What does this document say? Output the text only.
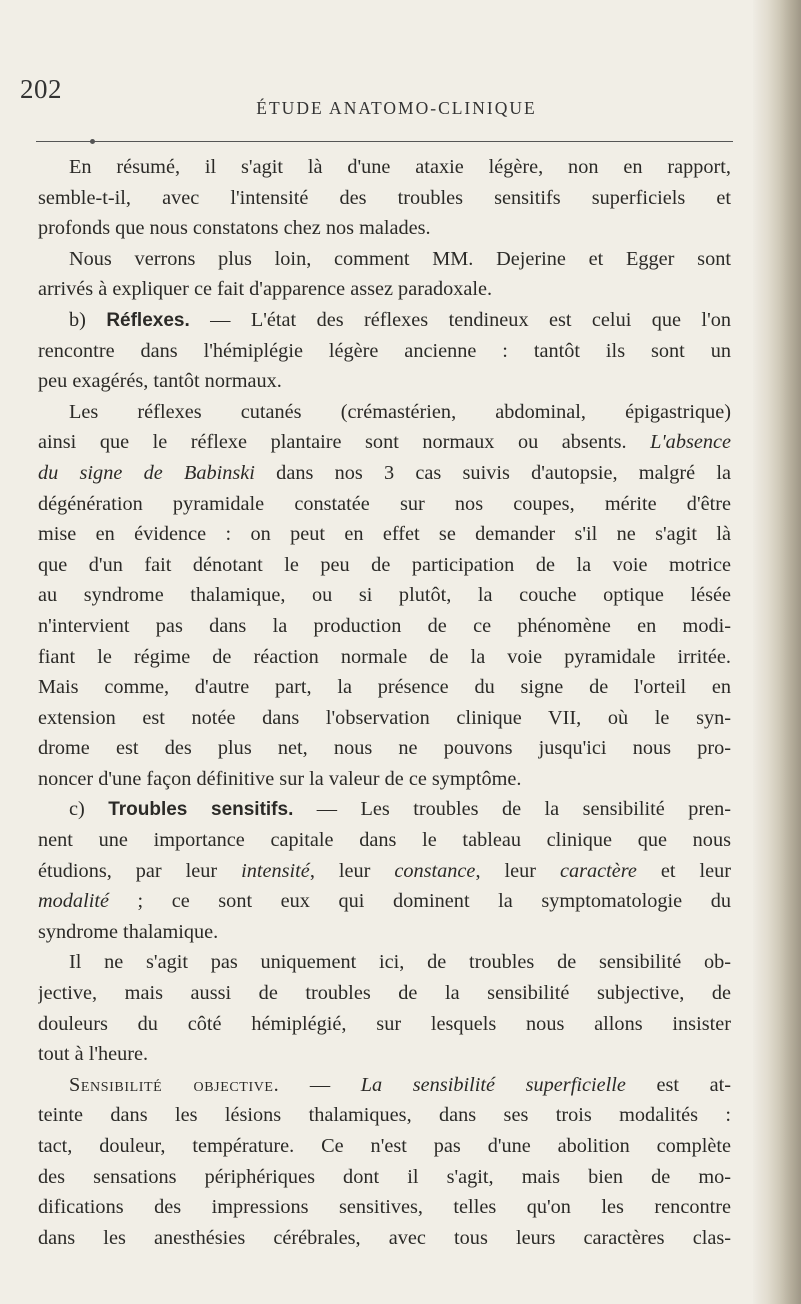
202
ÉTUDE ANATOMO-CLINIQUE
En résumé, il s'agit là d'une ataxie légère, non en rapport,
semble-t-il, avec l'intensité des troubles sensitifs superficiels et
profonds que nous constatons chez nos malades.
Nous verrons plus loin, comment MM. Dejerine et Egger sont
arrivés à expliquer ce fait d'apparence assez paradoxale.
b) Réflexes. — L'état des réflexes tendineux est celui que l'on
rencontre dans l'hémiplégie légère ancienne : tantôt ils sont un
peu exagérés, tantôt normaux.
Les réflexes cutanés (crémastérien, abdominal, épigastrique)
ainsi que le réflexe plantaire sont normaux ou absents. L'absence
du signe de Babinski dans nos 3 cas suivis d'autopsie, malgré la
dégénération pyramidale constatée sur nos coupes, mérite d'être
mise en évidence : on peut en effet se demander s'il ne s'agit là
que d'un fait dénotant le peu de participation de la voie motrice
au syndrome thalamique, ou si plutôt, la couche optique lésée
n'intervient pas dans la production de ce phénomène en modi-
fiant le régime de réaction normale de la voie pyramidale irritée.
Mais comme, d'autre part, la présence du signe de l'orteil en
extension est notée dans l'observation clinique VII, où le syn-
drome est des plus net, nous ne pouvons jusqu'ici nous pro-
noncer d'une façon définitive sur la valeur de ce symptôme.
c) Troubles sensitifs. — Les troubles de la sensibilité pren-
nent une importance capitale dans le tableau clinique que nous
étudions, par leur intensité, leur constance, leur caractère et leur
modalité ; ce sont eux qui dominent la symptomatologie du
syndrome thalamique.
Il ne s'agit pas uniquement ici, de troubles de sensibilité ob-
jective, mais aussi de troubles de la sensibilité subjective, de
douleurs du côté hémiplégié, sur lesquels nous allons insister
tout à l'heure.
Sensibilité objective. — La sensibilité superficielle est at-
teinte dans les lésions thalamiques, dans ses trois modalités :
tact, douleur, température. Ce n'est pas d'une abolition complète
des sensations périphériques dont il s'agit, mais bien de mo-
difications des impressions sensitives, telles qu'on les rencontre
dans les anesthésies cérébrales, avec tous leurs caractères clas-
